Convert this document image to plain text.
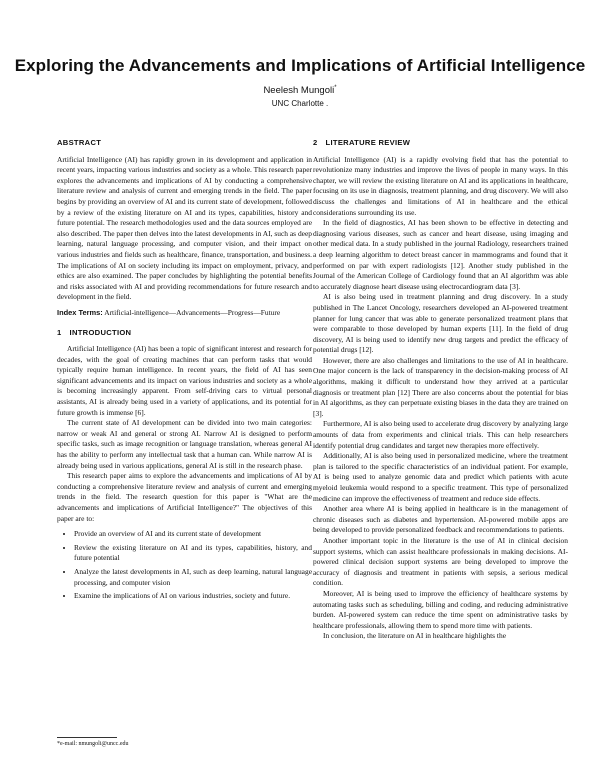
Exploring the Advancements and Implications of Artificial Intelligence
Neelesh Mungoli*
UNC Charlotte .
ABSTRACT

Artificial Intelligence (AI) has rapidly grown in its development and application in recent years, impacting various industries and society as a whole. This research paper explores the advancements and implications of AI by conducting a comprehensive literature review and analysis of current and emerging trends in the field. The paper begins by providing an overview of AI and its current state of development, followed by a review of the existing literature on AI and its types, capabilities, history and future potential. The research methodologies used and the data sources employed are also described. The paper then delves into the latest developments in AI, such as deep learning, natural language processing, and computer vision, and their impact on various industries and fields such as healthcare, finance, transportation, and business. The implications of AI on society including its impact on employment, privacy, and ethics are also examined. The paper concludes by highlighting the potential benefits and risks associated with AI and providing recommendations for future research and development in the field.

Index Terms: Artificial-intelligence—Advancements—Progress—Future

1 INTRODUCTION

Artificial Intelligence (AI) has been a topic of significant interest and research for decades, with the goal of creating machines that can perform tasks that would typically require human intelligence. In recent years, the field of AI has seen significant advancements and its impact on various industries and society as a whole is becoming increasingly apparent. From self-driving cars to virtual personal assistants, AI is already being used in a variety of applications, and its potential for future growth is immense [6].

The current state of AI development can be divided into two main categories: narrow or weak AI and general or strong AI. Narrow AI is designed to perform specific tasks, such as image recognition or language translation, whereas general AI has the ability to perform any intellectual task that a human can. While narrow AI is already being used in various applications, general AI is still in the research phase.

This research paper aims to explore the advancements and implications of AI by conducting a comprehensive literature review and analysis of current and emerging trends in the field. The research question for this paper is "What are the advancements and implications of Artificial Intelligence?" The objectives of this paper are to:

• Provide an overview of AI and its current state of development
• Review the existing literature on AI and its types, capabilities, history, and future potential
• Analyze the latest developments in AI, such as deep learning, natural language processing, and computer vision
• Examine the implications of AI on various industries, society and future.
*e-mail: nmungoli@uncc.edu
2 LITERATURE REVIEW

Artificial Intelligence (AI) is a rapidly evolving field that has the potential to revolutionize many industries and improve the lives of people in many ways. In this chapter, we will review the existing literature on AI and its applications in healthcare, focusing on its use in diagnosis, treatment planning, and drug discovery. We will also discuss the challenges and limitations of AI in healthcare and the ethical considerations surrounding its use.

In the field of diagnostics, AI has been shown to be effective in detecting and diagnosing various diseases, such as cancer and heart disease, using imaging and other medical data. In a study published in the journal Radiology, researchers trained a deep learning algorithm to detect breast cancer in mammograms and found that it performed on par with expert radiologists [12]. Another study published in the Journal of the American College of Cardiology found that an AI algorithm was able to accurately diagnose heart disease using electrocardiogram data [3].

AI is also being used in treatment planning and drug discovery. In a study published in The Lancet Oncology, researchers developed an AI-powered treatment planner for lung cancer that was able to generate personalized treatment plans that were comparable to those developed by human experts [11]. In the field of drug discovery, AI is being used to identify new drug targets and predict the efficacy of potential drugs [12].

However, there are also challenges and limitations to the use of AI in healthcare. One major concern is the lack of transparency in the decision-making process of AI algorithms, making it difficult to understand how they arrived at a particular diagnosis or treatment plan [12] There are also concerns about the potential for bias in AI algorithms, as they can perpetuate existing biases in the data they are trained on [3].

Furthermore, AI is also being used to accelerate drug discovery by analyzing large amounts of data from experiments and clinical trials. This can help researchers identify potential drug candidates and target new therapies more effectively.

Additionally, AI is also being used in personalized medicine, where the treatment plan is tailored to the specific characteristics of an individual patient. For example, AI is being used to analyze genomic data and predict which patients with acute myeloid leukemia would respond to a specific treatment. This type of personalized medicine can improve the effectiveness of treatment and reduce side effects.

Another area where AI is being applied in healthcare is in the management of chronic diseases such as diabetes and hypertension. AI-powered mobile apps are being developed to provide personalized feedback and recommendations to patients.

Another important topic in the literature is the use of AI in clinical decision support systems, which can assist healthcare professionals in making decisions. AI-powered clinical decision support systems are being developed to improve the accuracy of diagnosis and treatment in patients with sepsis, a serious medical condition.

Moreover, AI is being used to improve the efficiency of healthcare systems by automating tasks such as scheduling, billing and coding, and reducing administrative burden. AI-powered system can reduce the time spent on administrative tasks by healthcare professionals, allowing them to spend more time with patients.

In conclusion, the literature on AI in healthcare highlights the
